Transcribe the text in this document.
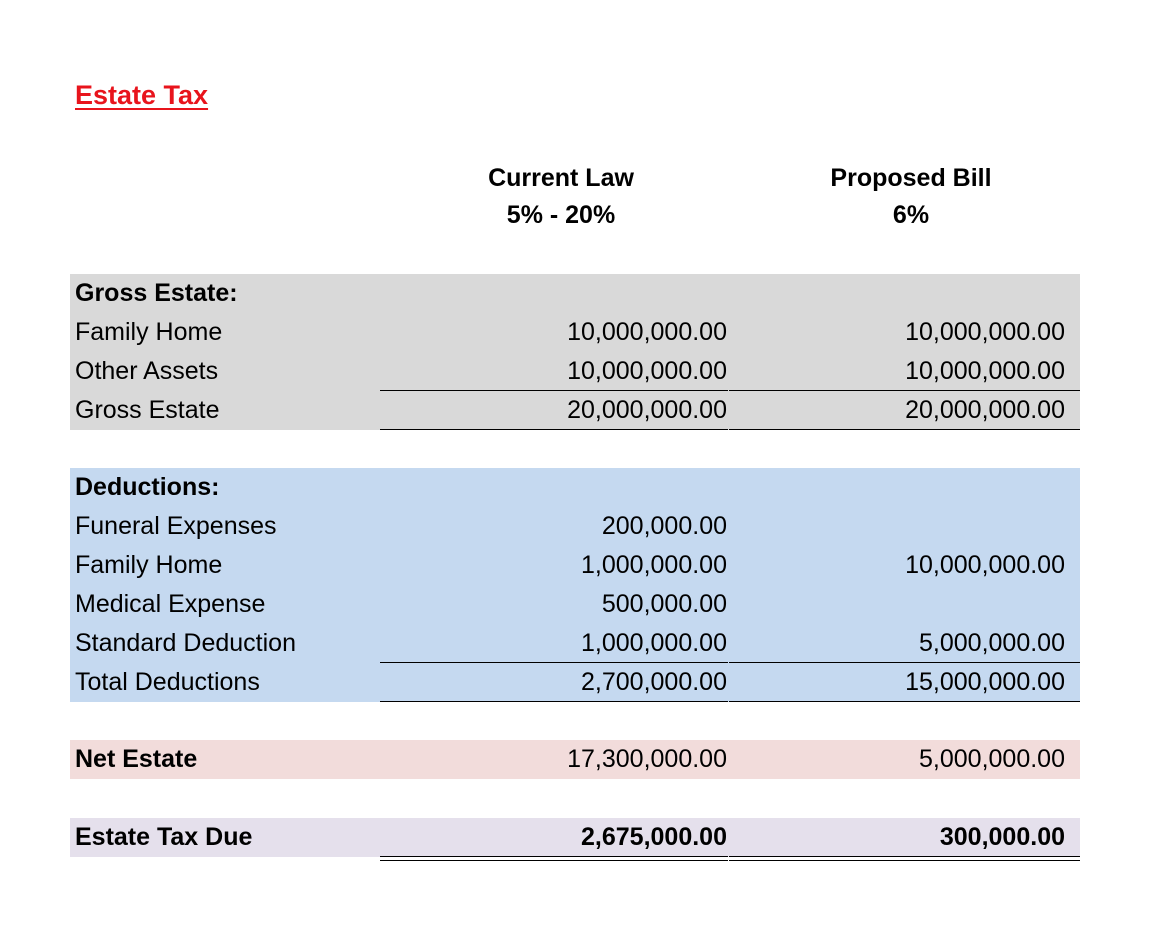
Estate Tax
Current Law
5% - 20%
Proposed Bill
6%
Gross Estate:
Family Home	10,000,000.00	10,000,000.00
Other Assets	10,000,000.00	10,000,000.00
Gross Estate	20,000,000.00	20,000,000.00
Deductions:
Funeral Expenses	200,000.00
Family Home	1,000,000.00	10,000,000.00
Medical Expense	500,000.00
Standard Deduction	1,000,000.00	5,000,000.00
Total Deductions	2,700,000.00	15,000,000.00
Net Estate	17,300,000.00	5,000,000.00
Estate Tax Due	2,675,000.00	300,000.00
